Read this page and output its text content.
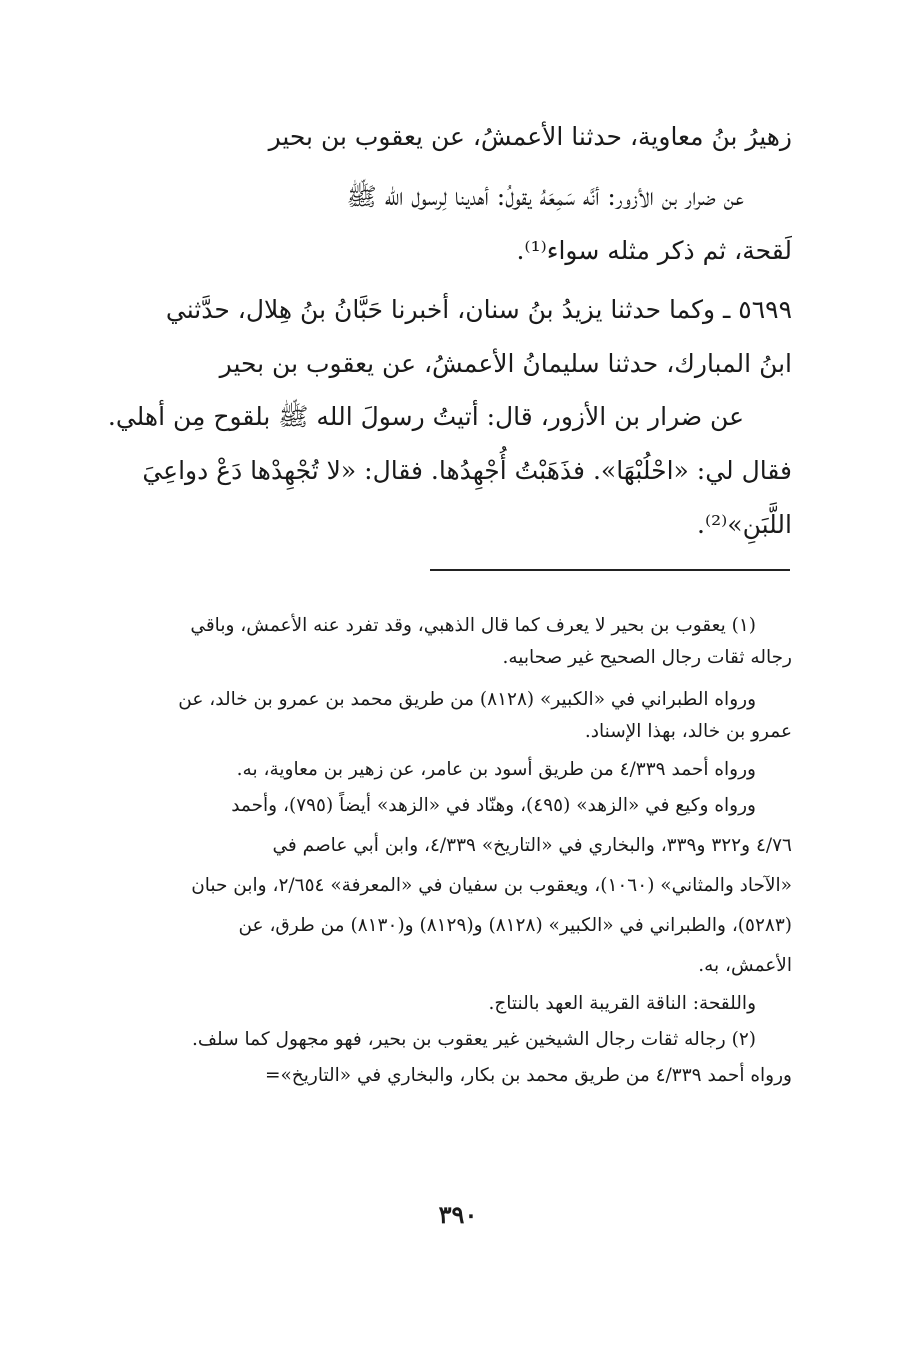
زهيرُ بنُ معاوية، حدثنا الأعمشُ، عن يعقوب بن بحير
عن ضرار بن الأزور: أنَّه سَمِعَهُ يقولُ: أهدينا لِرسول الله ﷺ
لَقحة، ثم ذكر مثله سواء⁽¹⁾.
٥٦٩٩ ـ وكما حدثنا يزيدُ بنُ سنان، أخبرنا حَبَّانُ بنُ هِلال، حدَّثني
ابنُ المبارك، حدثنا سليمانُ الأعمشُ، عن يعقوب بن بحير
عن ضرار بن الأزور، قال: أتيتُ رسولَ الله ﷺ بلقوح مِن أهلي.
فقال لي: «احْلُبْهَا». فذَهَبْتُ أُجْهِدُها. فقال: «لا تُجْهِدْها دَعْ دواعِيَ
اللَّبَنِ»⁽²⁾.
(١) يعقوب بن بحير لا يعرف كما قال الذهبي، وقد تفرد عنه الأعمش، وباقي
رجاله ثقات رجال الصحيح غير صحابيه.
ورواه الطبراني في «الكبير» (٨١٢٨) من طريق محمد بن عمرو بن خالد، عن
عمرو بن خالد، بهذا الإسناد.
ورواه أحمد ٤/٣٣٩ من طريق أسود بن عامر، عن زهير بن معاوية، به.
ورواه وكيع في «الزهد» (٤٩٥)، وهنّاد في «الزهد» أيضاً (٧٩٥)، وأحمد
٤/٧٦ و٣٢٢ و٣٣٩، والبخاري في «التاريخ» ٤/٣٣٩، وابن أبي عاصم في
«الآحاد والمثاني» (١٠٦٠)، ويعقوب بن سفيان في «المعرفة» ٢/٦٥٤، وابن حبان
(٥٢٨٣)، والطبراني في «الكبير» (٨١٢٨) و(٨١٢٩) و(٨١٣٠) من طرق، عن
الأعمش، به.
واللقحة: الناقة القريبة العهد بالنتاج.
(٢) رجاله ثقات رجال الشيخين غير يعقوب بن بحير، فهو مجهول كما سلف.
ورواه أحمد ٤/٣٣٩ من طريق محمد بن بكار، والبخاري في «التاريخ»=
٣٩٠
